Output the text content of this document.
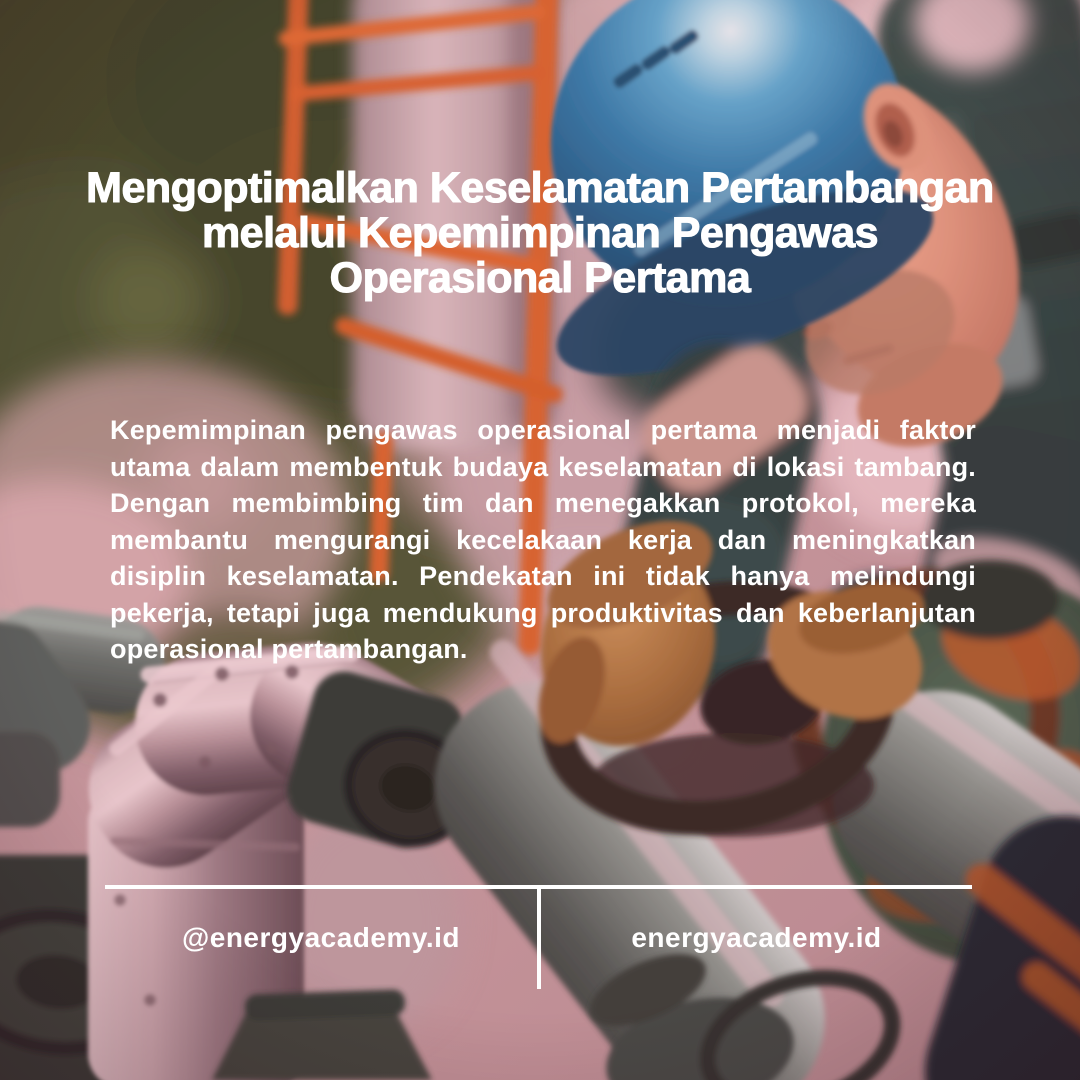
Mengoptimalkan Keselamatan Pertambangan
melalui Kepemimpinan Pengawas
Operasional Pertama

Kepemimpinan pengawas operasional pertama menjadi faktor utama dalam membentuk budaya keselamatan di lokasi tambang. Dengan membimbing tim dan menegakkan protokol, mereka membantu mengurangi kecelakaan kerja dan meningkatkan disiplin keselamatan. Pendekatan ini tidak hanya melindungi pekerja, tetapi juga mendukung produktivitas dan keberlanjutan operasional pertambangan.

@energyacademy.id	energyacademy.id
